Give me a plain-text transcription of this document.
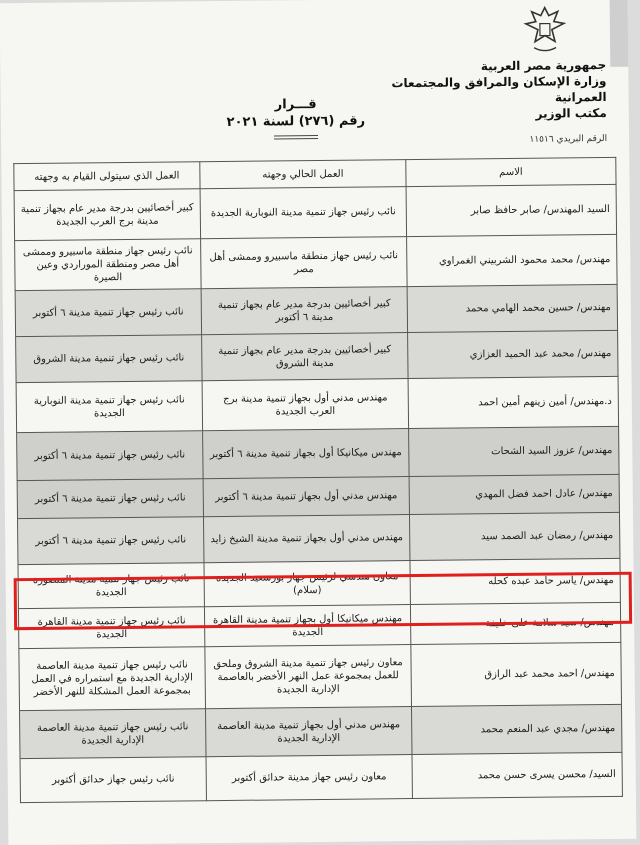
جمهورية مصر العربية
وزارة الإسكان والمرافق والمجتمعات العمرانية
مكتب الوزير
الرقم البريدي ١١٥١٦
قـــرار
رقم (٢٧٦) لسنة ٢٠٢١
الاسم	العمل الحالي وجهته	العمل الذي سيتولى القيام به وجهته
السيد المهندس/ صابر حافظ صابر	نائب رئيس جهاز تنمية مدينة النوبارية الجديدة	كبير أخصائيين بدرجة مدير عام بجهاز تنمية مدينة برج العرب الجديدة
مهندس/ محمد محمود الشربيني الغمراوي	نائب رئيس جهاز منطقة ماسبيرو وممشى أهل مصر	نائب رئيس جهاز منطقة ماسبيرو وممشى أهل مصر ومنطقة الموراردي وعين الصيرة
مهندس/ حسين محمد الهامي محمد	كبير أخصائيين بدرجة مدير عام بجهاز تنمية مدينة ٦ أكتوبر	نائب رئيس جهاز تنمية مدينة ٦ أكتوبر
مهندس/ محمد عبد الحميد العزازي	كبير أخصائيين بدرجة مدير عام بجهاز تنمية مدينة الشروق	نائب رئيس جهاز تنمية مدينة الشروق
د.مهندس/ أمين زينهم أمين احمد	مهندس مدني أول بجهاز تنمية مدينة برج العرب الجديدة	نائب رئيس جهاز تنمية مدينة النوبارية الجديدة
مهندس/ عزوز السيد الشحات	مهندس ميكانيكا أول بجهاز تنمية مدينة ٦ أكتوبر	نائب رئيس جهاز تنمية مدينة ٦ أكتوبر
مهندس/ عادل احمد فضل المهدي	مهندس مدني أول بجهاز تنمية مدينة ٦ أكتوبر	نائب رئيس جهاز تنمية مدينة ٦ أكتوبر
مهندس/ رمضان عبد الصمد سيد	مهندس مدني أول بجهاز تنمية مدينة الشيخ زايد	نائب رئيس جهاز تنمية مدينة ٦ أكتوبر
مهندس/ ياسر حامد عبده كحله	معاون هندسي لرئيس جهاز بورسعيد الجديدة (سلام)	نائب رئيس جهاز تنمية مدينة المنصورة الجديدة
مهندس/ سيد سلامة على خليفة	مهندس ميكانيكا أول بجهاز تنمية مدينة القاهرة الجديدة	نائب رئيس جهاز تنمية مدينة القاهرة الجديدة
مهندس/ احمد محمد عبد الرازق	معاون رئيس جهاز تنمية مدينة الشروق وملحق للعمل بمجموعة عمل النهر الأخضر بالعاصمة الإدارية الجديدة	نائب رئيس جهاز تنمية مدينة العاصمة الإدارية الجديدة مع استمراره في العمل بمجموعة العمل المشكلة للنهر الأخضر
مهندس/ مجدي عبد المنعم محمد	مهندس مدني أول بجهاز تنمية مدينة العاصمة الإدارية الجديدة	نائب رئيس جهاز تنمية مدينة العاصمة الإدارية الجديدة
السيد/ محسن يسرى حسن محمد	معاون رئيس جهاز مدينة حدائق أكتوبر	نائب رئيس جهاز حدائق أكتوبر
